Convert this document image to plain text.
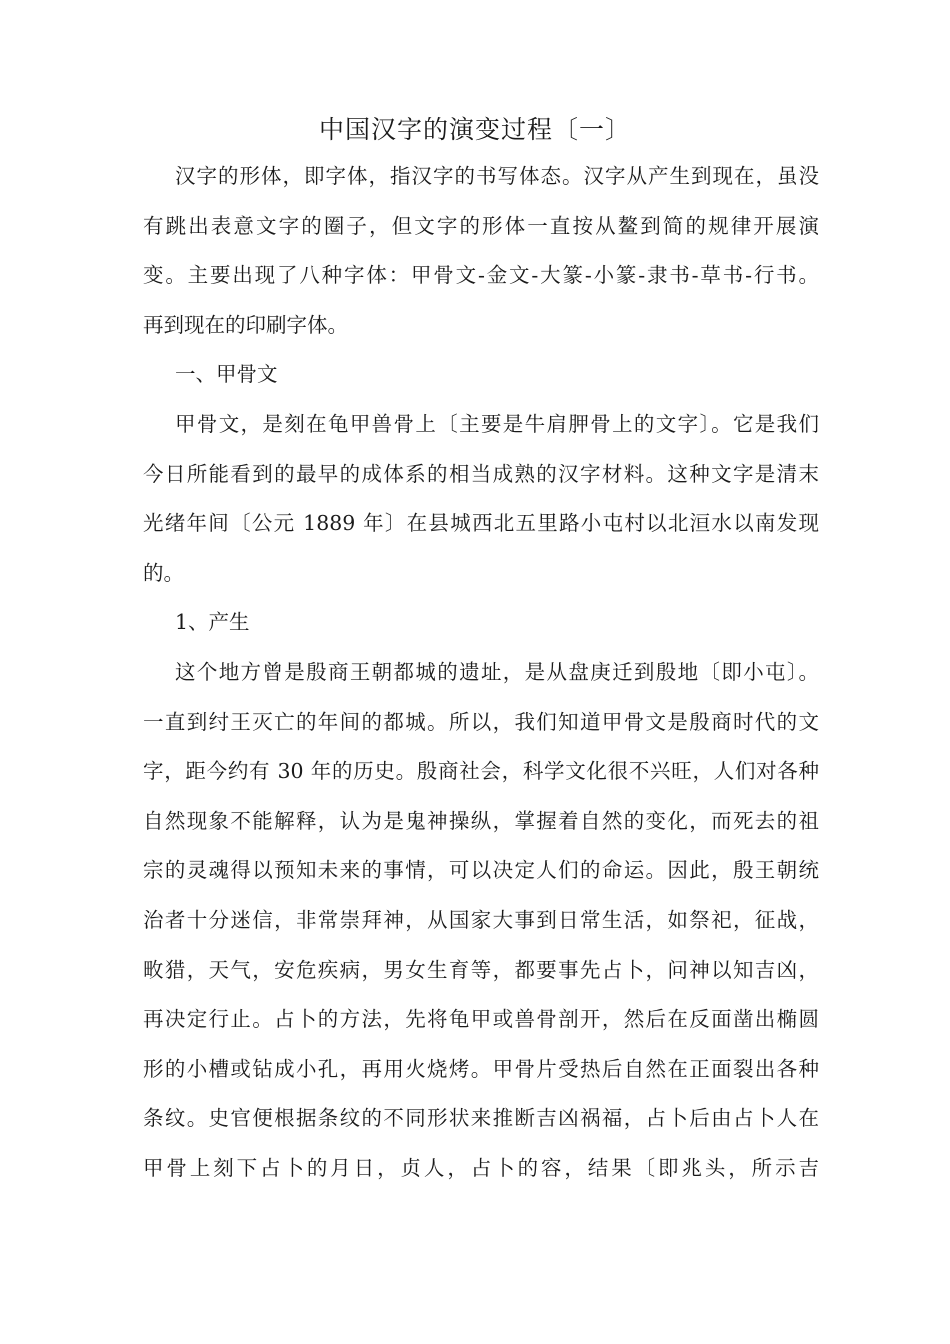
中国汉字的演变过程〔一〕
汉字的形体，即字体，指汉字的书写体态。汉字从产生到现在，虽没
有跳出表意文字的圈子，但文字的形体一直按从鳌到简的规律开展演
变。主要出现了八种字体：甲骨文-金文-大篆-小篆-隶书-草书-行书。
再到现在的印刷字体。
一、甲骨文
甲骨文，是刻在龟甲兽骨上〔主要是牛肩胛骨上的文字〕。它是我们
今日所能看到的最早的成体系的相当成熟的汉字材料。这种文字是清末
光绪年间〔公元 1889 年〕在县城西北五里路小屯村以北洹水以南发现
的。
1、产生
这个地方曾是殷商王朝都城的遗址，是从盘庚迁到殷地〔即小屯〕。
一直到纣王灭亡的年间的都城。所以，我们知道甲骨文是殷商时代的文
字，距今约有 30 年的历史。殷商社会，科学文化很不兴旺，人们对各种
自然现象不能解释，认为是鬼神操纵，掌握着自然的变化，而死去的祖
宗的灵魂得以预知未来的事情，可以决定人们的命运。因此，殷王朝统
治者十分迷信，非常崇拜神，从国家大事到日常生活，如祭祀，征战，
畋猎，天气，安危疾病，男女生育等，都要事先占卜，问神以知吉凶，
再决定行止。占卜的方法，先将龟甲或兽骨剖开，然后在反面凿出椭圆
形的小槽或钻成小孔，再用火烧烤。甲骨片受热后自然在正面裂出各种
条纹。史官便根据条纹的不同形状来推断吉凶祸福，占卜后由占卜人在
甲骨上刻下占卜的月日，贞人，占卜的容，结果〔即兆头，所示吉
